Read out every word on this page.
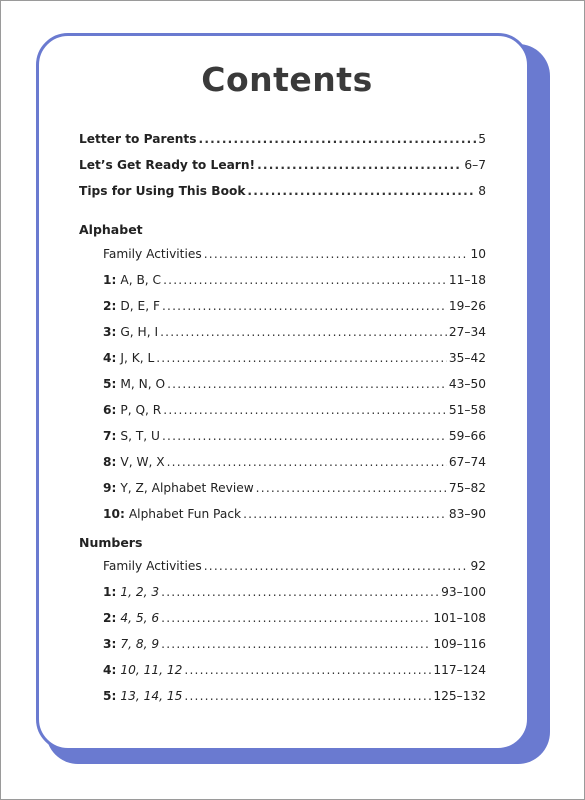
Contents
Letter to Parents .....	5
Let’s Get Ready to Learn! .....	6–7
Tips for Using This Book .....	8
Alphabet
Family Activities .....	10
1: A, B, C .....	11–18
2: D, E, F .....	19–26
3: G, H, I .....	27–34
4: J, K, L .....	35–42
5: M, N, O .....	43–50
6: P, Q, R .....	51–58
7: S, T, U .....	59–66
8: V, W, X .....	67–74
9: Y, Z, Alphabet Review .....	75–82
10: Alphabet Fun Pack .....	83–90
Numbers
Family Activities .....	92
1: 1, 2, 3 .....	93–100
2: 4, 5, 6 .....	101–108
3: 7, 8, 9 .....	109–116
4: 10, 11, 12 .....	117–124
5: 13, 14, 15 .....	125–132
